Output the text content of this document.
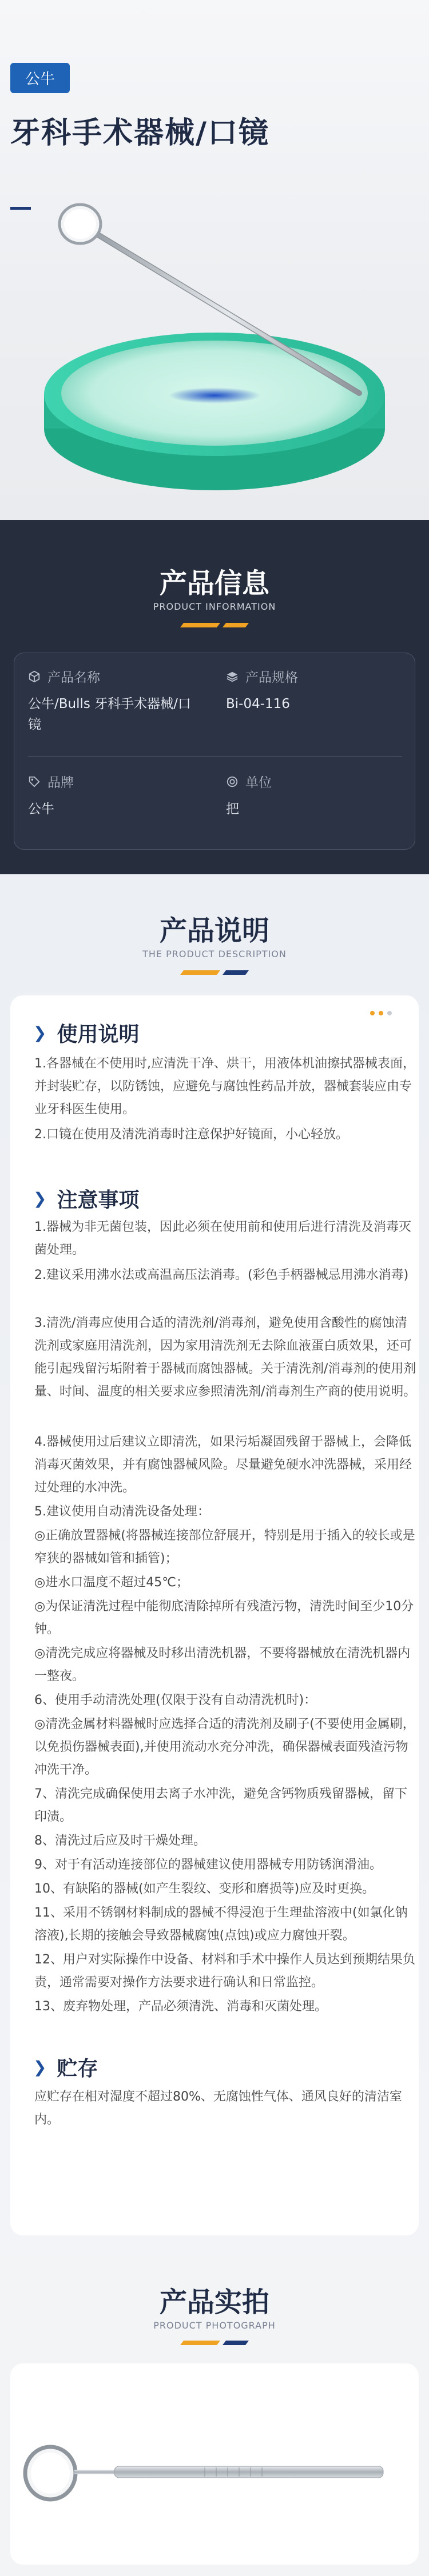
公牛
牙科手术器械/口镜
产品信息
PRODUCT INFORMATION
产品名称
公牛/Bulls 牙科手术器械/口镜
产品规格
Bi-04-116
品牌
公牛
单位
把
产品说明
THE PRODUCT DESCRIPTION
❯ 使用说明
1.各器械在不使用时,应清洗干净、烘干，用液体机油擦拭器械表面，并封装贮存，以防锈蚀，应避免与腐蚀性药品并放，器械套装应由专业牙科医生使用。
2.口镜在使用及清洗消毒时注意保护好镜面，小心轻放。
❯ 注意事项
1.器械为非无菌包装，因此必须在使用前和使用后进行清洗及消毒灭菌处理。
2.建议采用沸水法或高温高压法消毒。(彩色手柄器械忌用沸水消毒)
3.清洗/消毒应使用合适的清洗剂/消毒剂，避免使用含酸性的腐蚀清洗剂或家庭用清洗剂，因为家用清洗剂无去除血液蛋白质效果，还可能引起残留污垢附着于器械而腐蚀器械。关于清洗剂/消毒剂的使用剂量、时间、温度的相关要求应参照清洗剂/消毒剂生产商的使用说明。
4.器械使用过后建议立即清洗，如果污垢凝固残留于器械上，会降低消毒灭菌效果，并有腐蚀器械风险。尽量避免硬水冲洗器械，采用经过处理的水冲洗。
5.建议使用自动清洗设备处理：
◎正确放置器械(将器械连接部位舒展开，特别是用于插入的较长或是窄狭的器械如管和插管)；
◎进水口温度不超过45℃；
◎为保证清洗过程中能彻底清除掉所有残渣污物，清洗时间至少10分钟。
◎清洗完成应将器械及时移出清洗机器，不要将器械放在清洗机器内一整夜。
6、使用手动清洗处理(仅限于没有自动清洗机时)：
◎清洗金属材料器械时应选择合适的清洗剂及刷子(不要使用金属刷，以免损伤器械表面),并使用流动水充分冲洗，确保器械表面残渣污物冲洗干净。
7、清洗完成确保使用去离子水冲洗，避免含钙物质残留器械，留下印渍。
8、清洗过后应及时干燥处理。
9、对于有活动连接部位的器械建议使用器械专用防锈润滑油。
10、有缺陷的器械(如产生裂纹、变形和磨损等)应及时更换。
11、采用不锈钢材料制成的器械不得浸泡于生理盐溶液中(如氯化钠溶液),长期的接触会导致器械腐蚀(点蚀)或应力腐蚀开裂。
12、用户对实际操作中设备、材料和手术中操作人员达到预期结果负责，通常需要对操作方法要求进行确认和日常监控。
13、废弃物处理，产品必须清洗、消毒和灭菌处理。
❯ 贮存
应贮存在相对湿度不超过80%、无腐蚀性气体、通风良好的清洁室内。
产品实拍
PRODUCT PHOTOGRAPH
